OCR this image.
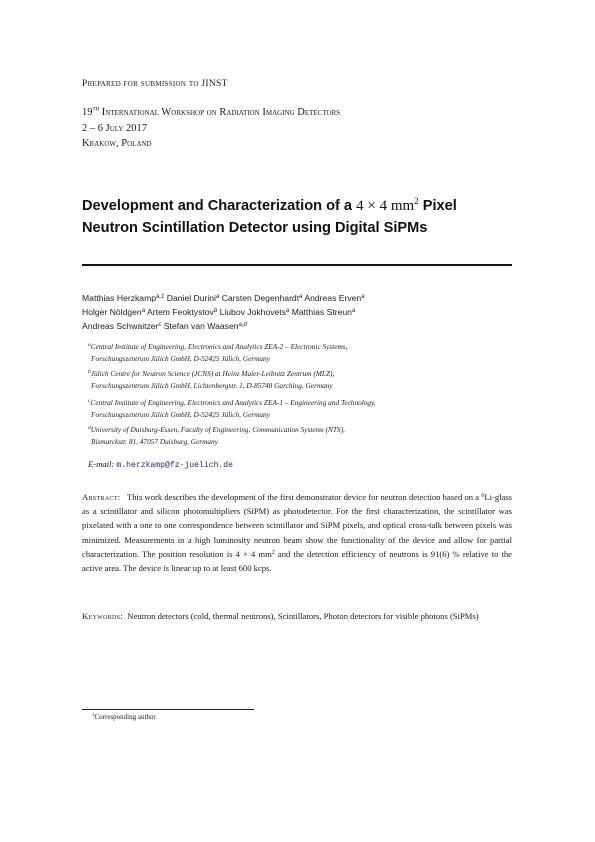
Prepared for submission to JINST
19th International Workshop on Radiation Imaging Detectors
2 – 6 July 2017
Krakow, Poland
Development and Characterization of a 4 × 4 $mm^2$ Pixel
Neutron Scintillation Detector using Digital SiPMs
Matthias Herzkamp$^{a,1}$ Daniel Durini$^a$ Carsten Degenhardt$^a$ Andreas Erven$^a$
Holger Nöldgen$^a$ Artem Feoktystov$^b$ Liubov Jokhovets$^a$ Matthias Streun$^a$
Andreas Schwaitzer$^c$ Stefan van Waasen$^{a,d}$
$^a$Central Institute of Engineering, Electronics and Analytics ZEA-2 – Electronic Systems,
Forschungszentrum Jülich GmbH, D-52425 Jülich, Germany
$^b$Jülich Centre for Neutron Science (JCNS) at Heinz Maier-Leibnitz Zentrum (MLZ),
Forschungszentrum Jülich GmbH, Lichtenbergstr. 1, D-85748 Garching, Germany
$^c$Central Institute of Engineering, Electronics and Analytics ZEA-1 – Engineering and Technology,
Forschungszentrum Jülich GmbH, D-52425 Jülich, Germany
$^d$University of Duisburg-Essen, Faculty of Engineering, Communication Systems (NTS),
Bismarckstr. 81, 47057 Duisburg, Germany
E-mail: m.herzkamp@fz-juelich.de
Abstract: This work describes the development of the first demonstrator device for neutron detection based on a $^6$Li-glass as a scintillator and silicon photomultipliers (SiPM) as photodetector. For the first characterization, the scintillator was pixelated with a one to one correspondence between scintillator and SiPM pixels, and optical cross-talk between pixels was minimized. Measurements in a high luminosity neutron beam show the functionality of the device and allow for partial characterization. The position resolution is 4 × 4 $mm^2$ and the detection efficiency of neutrons is 91(6) % relative to the active area. The device is linear up to at least 600 kcps.
Keywords: Neutron detectors (cold, thermal neutrons), Scintillators, Photon detectors for visible photons (SiPMs)
$^1$Corresponding author
